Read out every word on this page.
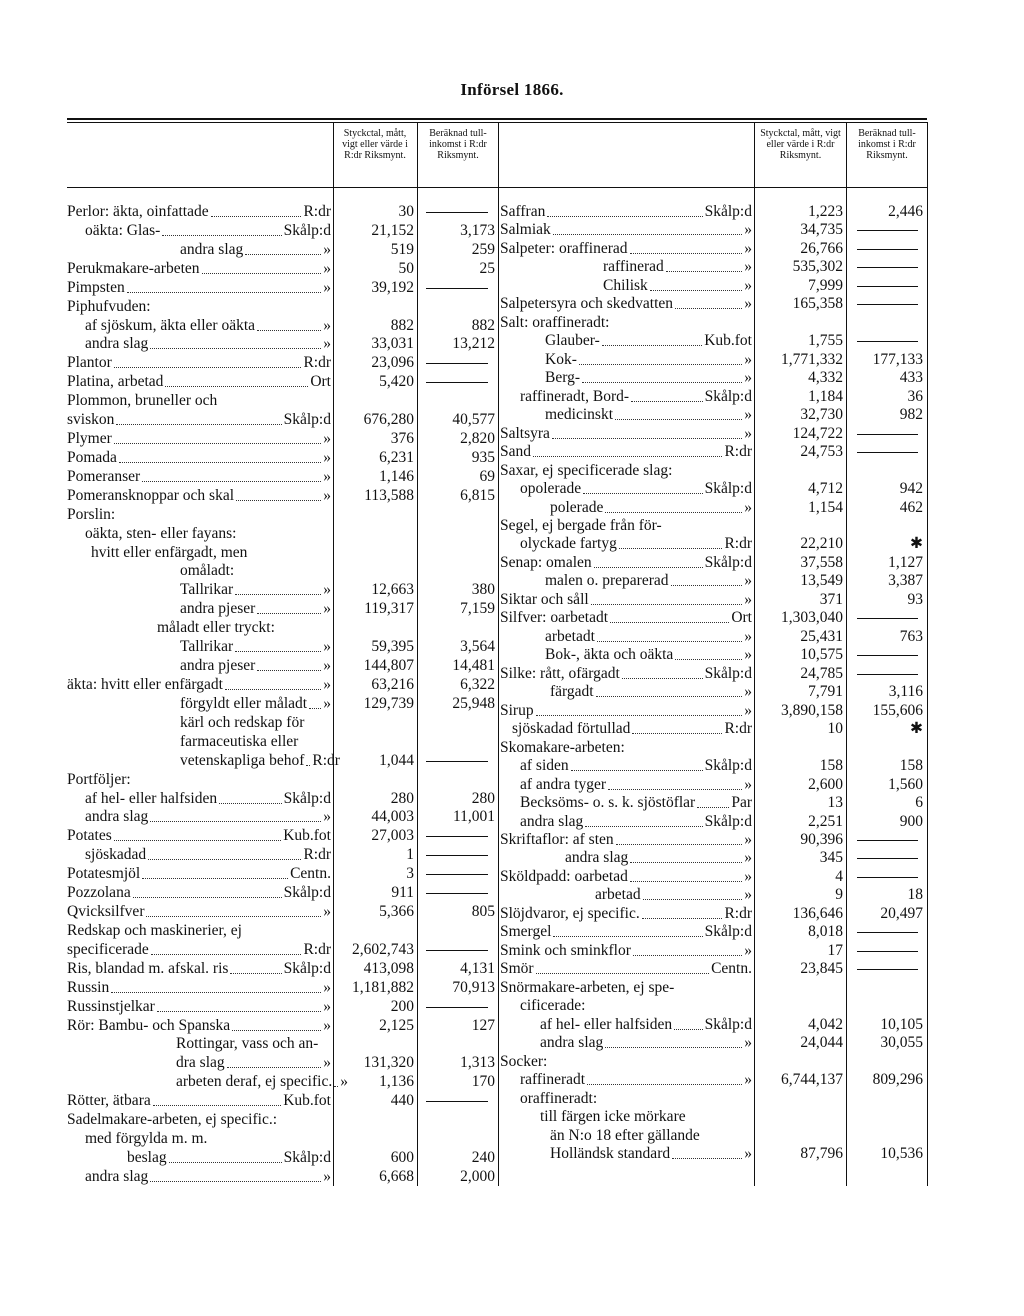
Införsel 1866.
Styckctal, mått, vigt eller värde i R:dr Riksmynt.
Beräknad tull-inkomst i R:dr Riksmynt.
Styckctal, mått, vigt eller värde i R:dr Riksmynt.
Beräknad tull-inkomst i R:dr Riksmynt.
Perlor: äkta, oinfattade	R:dr	30
oäkta: Glas-	Skålp:d	21,152	3,173
andra slag	»	519	259
Perukmakare-arbeten	»	50	25
Pimpsten	»	39,192
Piphufvuden:
af sjöskum, äkta eller oäkta	»	882	882
andra slag	»	33,031	13,212
Plantor	R:dr	23,096
Platina, arbetad	Ort	5,420
Plommon, bruneller och
sviskon	Skålp:d	676,280	40,577
Plymer	»	376	2,820
Pomada	»	6,231	935
Pomeranser	»	1,146	69
Pomeransknoppar och skal	»	113,588	6,815
Porslin:
oäkta, sten- eller fayans:
hvitt eller enfärgadt, men
omåladt:
Tallrikar	»	12,663	380
andra pjeser	»	119,317	7,159
måladt eller tryckt:
Tallrikar	»	59,395	3,564
andra pjeser	»	144,807	14,481
äkta: hvitt eller enfärgadt	»	63,216	6,322
förgyldt eller måladt »	129,739	25,948
kärl och redskap för
farmaceutiska eller
vetenskapliga behof R:dr	1,044
Portföljer:
af hel- eller halfsiden	Skålp:d	280	280
andra slag	»	44,003	11,001
Potates	Kub.fot	27,003
sjöskadad	R:dr	1
Potatesmjöl	Centn.	3
Pozzolana	Skålp:d	911
Qvicksilfver	»	5,366	805
Redskap och maskinerier, ej
specificerade	R:dr	2,602,743
Ris, blandad m. afskal. ris	Skålp:d	413,098	4,131
Russin	»	1,181,882	70,913
Russinstjelkar	»	200
Rör: Bambu- och Spanska	»	2,125	127
Rottingar, vass och an-
dra slag	»	131,320	1,313
arbeten deraf, ej specific. »	1,136	170
Rötter, ätbara	Kub.fot	440
Sadelmakare-arbeten, ej specific.:
med förgylda m. m.
beslag	Skålp:d	600	240
andra slag	»	6,668	2,000
Saffran	Skålp:d	1,223	2,446
Salmiak	»	34,735
Salpeter: oraffinerad	»	26,766
raffinerad	»	535,302
Chilisk	»	7,999
Salpetersyra och skedvatten	»	165,358
Salt: oraffineradt:
Glauber-	Kub.fot	1,755
Kok-	»	1,771,332	177,133
Berg-	»	4,332	433
raffineradt, Bord-	Skålp:d	1,184	36
medicinskt	»	32,730	982
Saltsyra	»	124,722
Sand	R:dr	24,753
Saxar, ej specificerade slag:
opolerade	Skålp:d	4,712	942
polerade	»	1,154	462
Segel, ej bergade från för-
olyckade fartyg	R:dr	22,210	✱
Senap: omalen	Skålp:d	37,558	1,127
malen o. preparerad	»	13,549	3,387
Siktar och såll	»	371	93
Silfver: oarbetadt	Ort	1,303,040
arbetadt	»	25,431	763
Bok-, äkta och oäkta	»	10,575
Silke: rått, ofärgadt	Skålp:d	24,785
färgadt	»	7,791	3,116
Sirup	»	3,890,158	155,606
sjöskadad förtullad	R:dr	10	✱
Skomakare-arbeten:
af siden	Skålp:d	158	158
af andra tyger	»	2,600	1,560
Becksöms- o. s. k. sjöstöflar Par	13	6
andra slag	Skålp:d	2,251	900
Skriftaflor: af sten	»	90,396
andra slag	»	345
Sköldpadd: oarbetad	»	4
arbetad	»	9	18
Slöjdvaror, ej specific.	R:dr	136,646	20,497
Smergel	Skålp:d	8,018
Smink och sminkflor	»	17
Smör	Centn.	23,845
Snörmakare-arbeten, ej spe-
cificerade:
af hel- eller halfsiden Skålp:d	4,042	10,105
andra slag	»	24,044	30,055
Socker:
raffineradt	»	6,744,137	809,296
oraffineradt:
till färgen icke mörkare
än N:o 18 efter gällande
Holländsk standard	»	87,796	10,536
